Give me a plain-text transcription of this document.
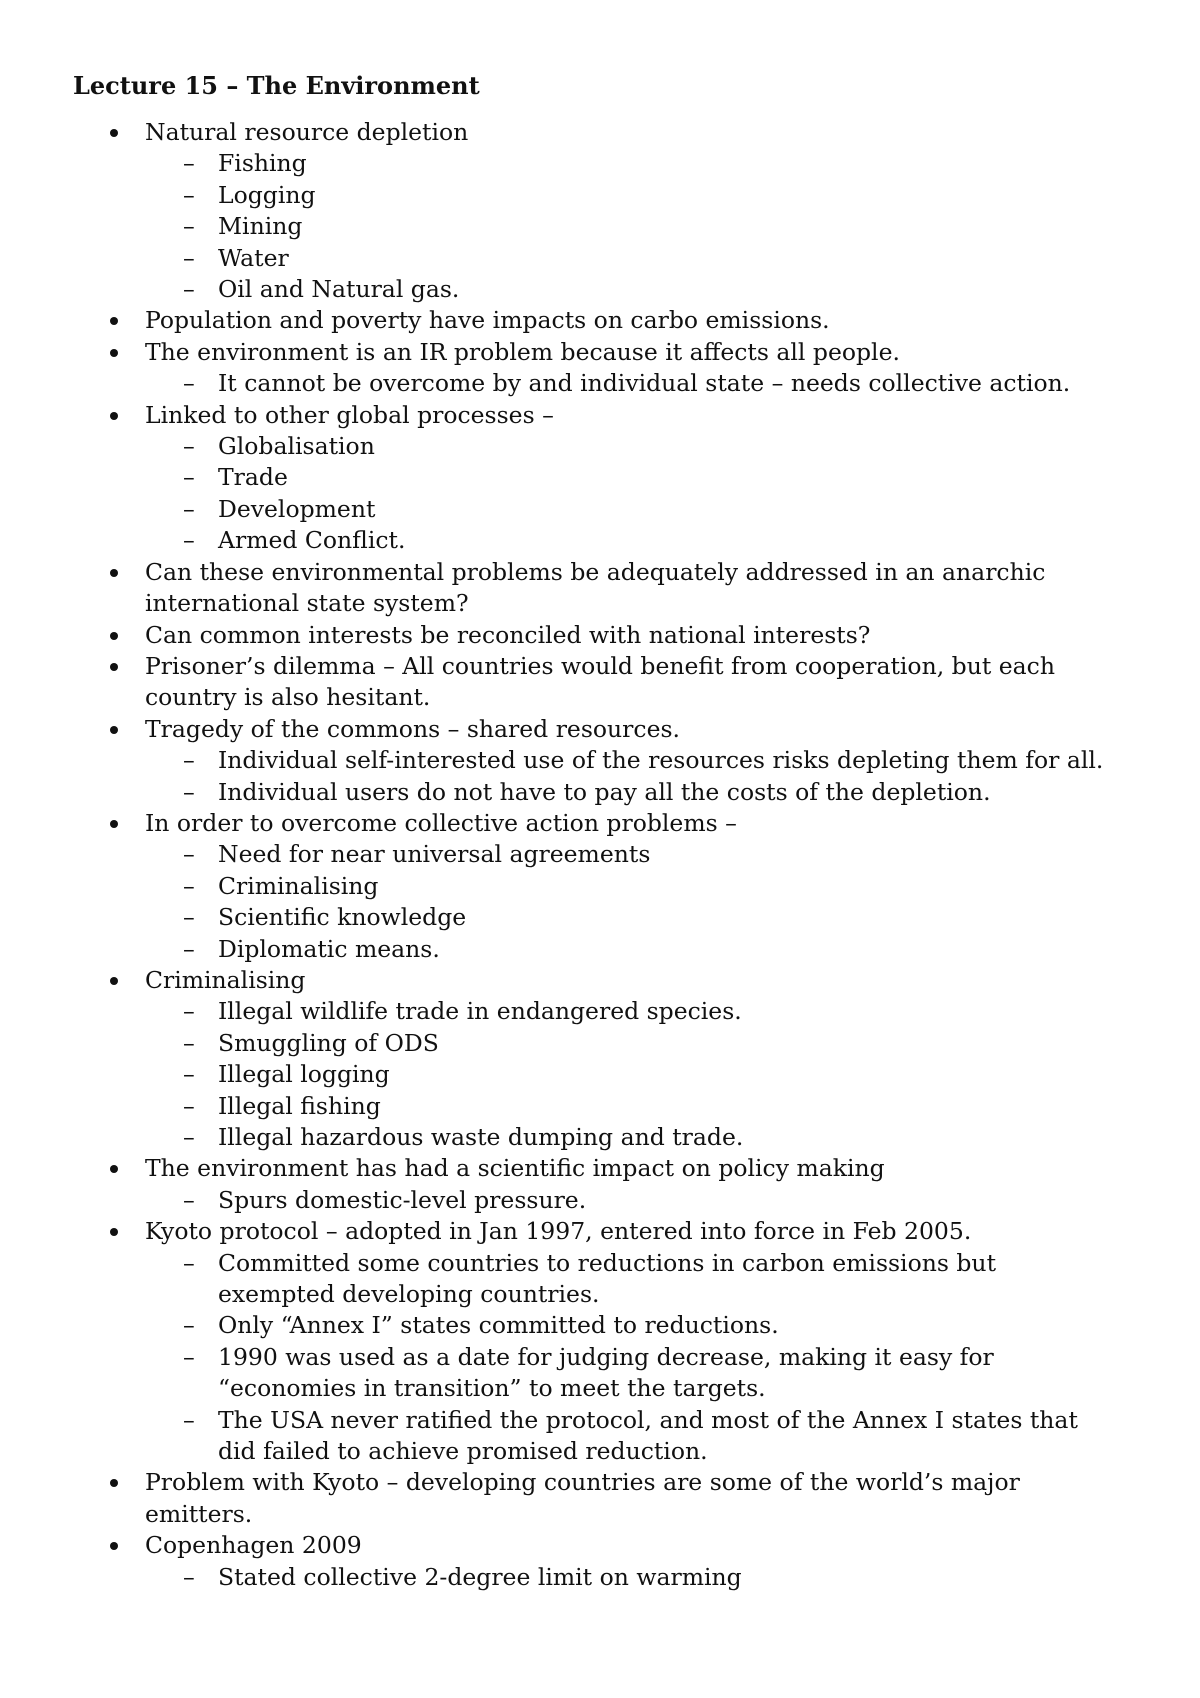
Lecture 15 – The Environment
Natural resource depletion
– Fishing
– Logging
– Mining
– Water
– Oil and Natural gas.
Population and poverty have impacts on carbo emissions.
The environment is an IR problem because it affects all people.
– It cannot be overcome by and individual state – needs collective action.
Linked to other global processes –
– Globalisation
– Trade
– Development
– Armed Conflict.
Can these environmental problems be adequately addressed in an anarchic international state system?
Can common interests be reconciled with national interests?
Prisoner’s dilemma – All countries would benefit from cooperation, but each country is also hesitant.
Tragedy of the commons – shared resources.
– Individual self-interested use of the resources risks depleting them for all.
– Individual users do not have to pay all the costs of the depletion.
In order to overcome collective action problems –
– Need for near universal agreements
– Criminalising
– Scientific knowledge
– Diplomatic means.
Criminalising
– Illegal wildlife trade in endangered species.
– Smuggling of ODS
– Illegal logging
– Illegal fishing
– Illegal hazardous waste dumping and trade.
The environment has had a scientific impact on policy making
– Spurs domestic-level pressure.
Kyoto protocol – adopted in Jan 1997, entered into force in Feb 2005.
– Committed some countries to reductions in carbon emissions but exempted developing countries.
– Only “Annex I” states committed to reductions.
– 1990 was used as a date for judging decrease, making it easy for “economies in transition” to meet the targets.
– The USA never ratified the protocol, and most of the Annex I states that did failed to achieve promised reduction.
Problem with Kyoto – developing countries are some of the world’s major emitters.
Copenhagen 2009
– Stated collective 2-degree limit on warming
